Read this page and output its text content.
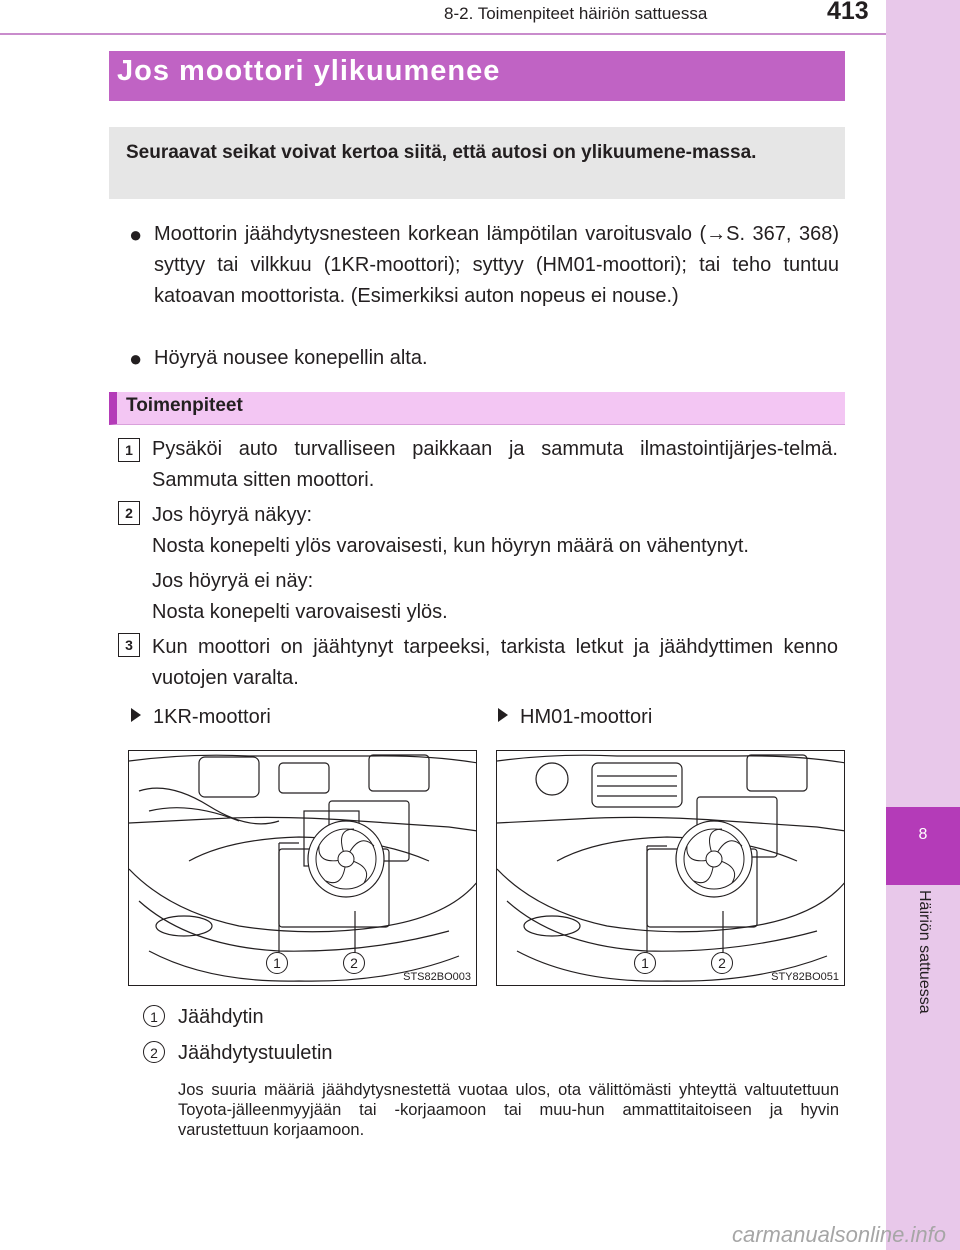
8-2. Toimenpiteet häiriön sattuessa	413
8
Häiriön sattuessa
Jos moottori ylikuumenee
Seuraavat seikat voivat kertoa siitä, että autosi on ylikuumene-massa.
● Moottorin jäähdytysnesteen korkean lämpötilan varoitusvalo (→S. 367, 368) syttyy tai vilkkuu (1KR-moottori); syttyy (HM01-moottori); tai teho tuntuu katoavan moottorista. (Esimerkiksi auton nopeus ei nouse.)
● Höyryä nousee konepellin alta.
Toimenpiteet
1 Pysäköi auto turvalliseen paikkaan ja sammuta ilmastointijärjes-telmä. Sammuta sitten moottori.
2 Jos höyryä näkyy:
Nosta konepelti ylös varovaisesti, kun höyryn määrä on vähentynyt.
Jos höyryä ei näy:
Nosta konepelti varovaisesti ylös.
3 Kun moottori on jäähtynyt tarpeeksi, tarkista letkut ja jäähdyttimen kenno vuotojen varalta.
1KR-moottori	HM01-moottori
1	2
STS82BO003
1	2
STY82BO051
1	Jäähdytin
2	Jäähdytystuuletin
Jos suuria määriä jäähdytysnestettä vuotaa ulos, ota välittömästi yhteyttä valtuutettuun Toyota-jälleenmyyjään tai -korjaamoon tai muu-hun ammattitaitoiseen ja hyvin varustettuun korjaamoon.
carmanualsonline.info
